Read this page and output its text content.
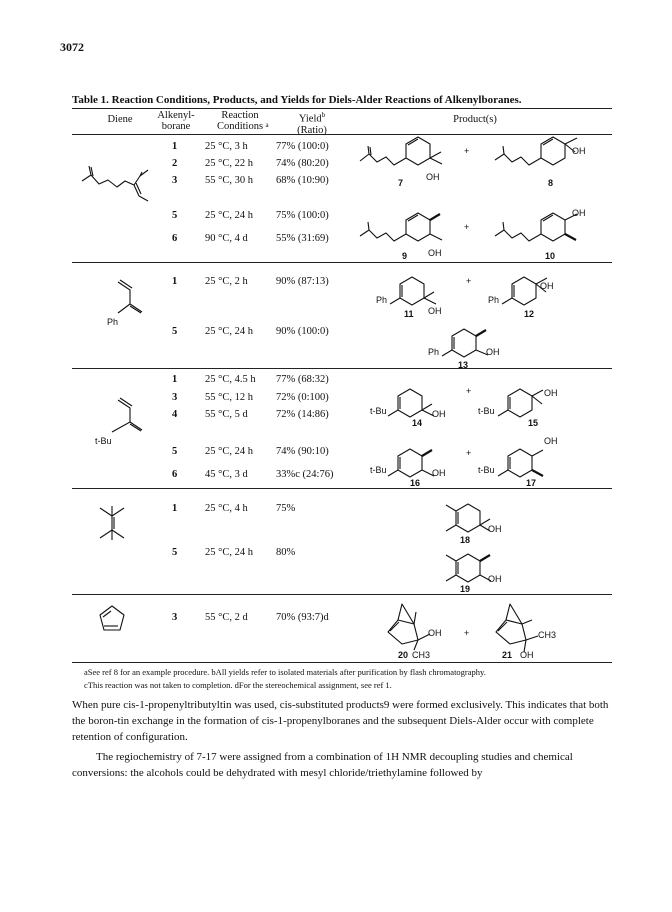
3072
Table 1. Reaction Conditions, Products, and Yields for Diels-Alder Reactions of Alkenylboranes.
Diene	Alkenyl-
borane
Reaction
Conditions a
Yield$^b$
(Ratio)
Product(s)
1	25 °C, 3 h	77% (100:0)
2	25 °C, 22 h 74% (80:20)
3	55 °C, 30 h 68% (10:90)
5	25 °C, 24 h 75% (100:0)
6	90 °C, 4 d	55% (31:69)
1	25 °C, 2 h	90% (87:13)
5	25 °C, 24 h 90% (100:0)
1	25 °C, 4.5 h 77% (68:32)
3	55 °C, 12 h 72% (0:100)
4	55 °C, 5 d	72% (14:86)
5	25 °C, 24 h 74% (90:10)
6	45 °C, 3 d	33%c (24:76)
1	25 °C, 4 h	75%
5	25 °C, 24 h 80%
3	55 °C, 2 d	70% (93:7)d
OH
7
+	OH
8
OH
9
+
OH
10
Ph
Ph
OH
11
+
Ph
OH
12
Ph	OH
13
t-Bu
t-Bu	OH
14
+
t-Bu
OH
15
t-Bu	OH
16
+
t-Bu
OH
17
OH
18
OH
19
OH
20 CH3
+	CH3
21 OH
aSee ref 8 for an example procedure. bAll yields refer to isolated materials after purification by flash chromatography.
cThis reaction was not taken to completion. dFor the stereochemical assignment, see ref 1.
When pure cis-1-propenyltributyltin was used, cis-substituted products9 were formed exclusively. This indicates that both the boron-tin exchange in the formation of cis-1-propenylboranes and the subsequent Diels-Alder occur with complete retention of configuration.
The regiochemistry of 7-17 were assigned from a combination of 1H NMR decoupling studies and chemical conversions: the alcohols could be dehydrated with mesyl chloride/triethylamine followed by
